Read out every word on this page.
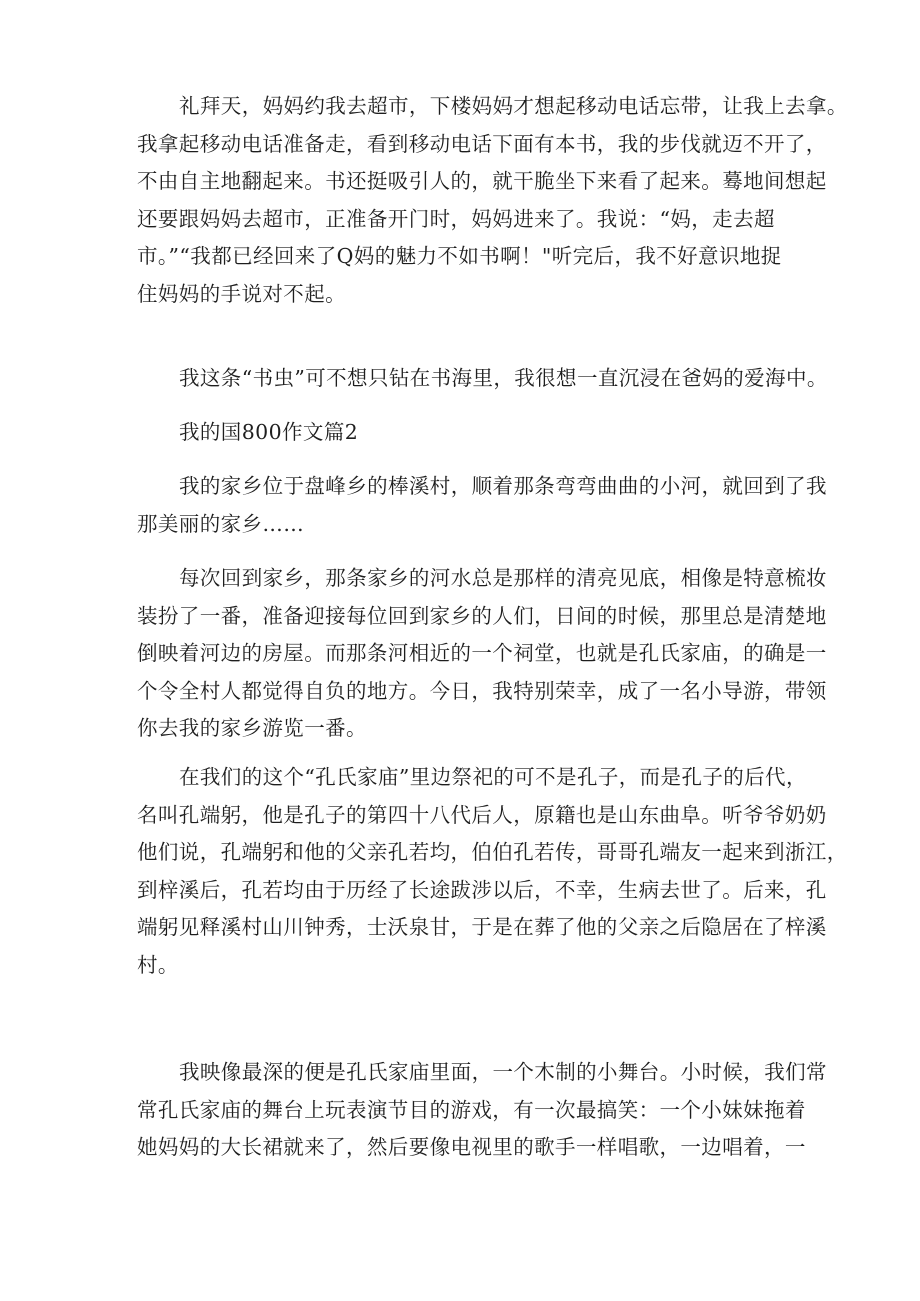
礼拜天，妈妈约我去超市，下楼妈妈才想起移动电话忘带，让我上去拿。
我拿起移动电话准备走，看到移动电话下面有本书，我的步伐就迈不开了，
不由自主地翻起来。书还挺吸引人的，就干脆坐下来看了起来。蓦地间想起
还要跟妈妈去超市，正准备开门时，妈妈进来了。我说：“妈，走去超
市。”“我都已经回来了Q妈的魅力不如书啊！"听完后，我不好意识地捉
住妈妈的手说对不起。
我这条“书虫”可不想只钻在书海里，我很想一直沉浸在爸妈的爱海中。
我的国800作文篇2
我的家乡位于盘峰乡的棒溪村，顺着那条弯弯曲曲的小河，就回到了我
那美丽的家乡……
每次回到家乡，那条家乡的河水总是那样的清亮见底，相像是特意梳妆
装扮了一番，准备迎接每位回到家乡的人们，日间的时候，那里总是清楚地
倒映着河边的房屋。而那条河相近的一个祠堂，也就是孔氏家庙，的确是一
个令全村人都觉得自负的地方。今日，我特别荣幸，成了一名小导游，带领
你去我的家乡游览一番。
在我们的这个“孔氏家庙”里边祭祀的可不是孔子，而是孔子的后代，
名叫孔端躬，他是孔子的第四十八代后人，原籍也是山东曲阜。听爷爷奶奶
他们说，孔端躬和他的父亲孔若均，伯伯孔若传，哥哥孔端友一起来到浙江，
到梓溪后，孔若均由于历经了长途跋涉以后，不幸，生病去世了。后来，孔
端躬见释溪村山川钟秀，士沃泉甘，于是在葬了他的父亲之后隐居在了梓溪
村。
我映像最深的便是孔氏家庙里面，一个木制的小舞台。小时候，我们常
常孔氏家庙的舞台上玩表演节目的游戏，有一次最搞笑：一个小妹妹拖着
她妈妈的大长裙就来了，然后要像电视里的歌手一样唱歌，一边唱着，一
